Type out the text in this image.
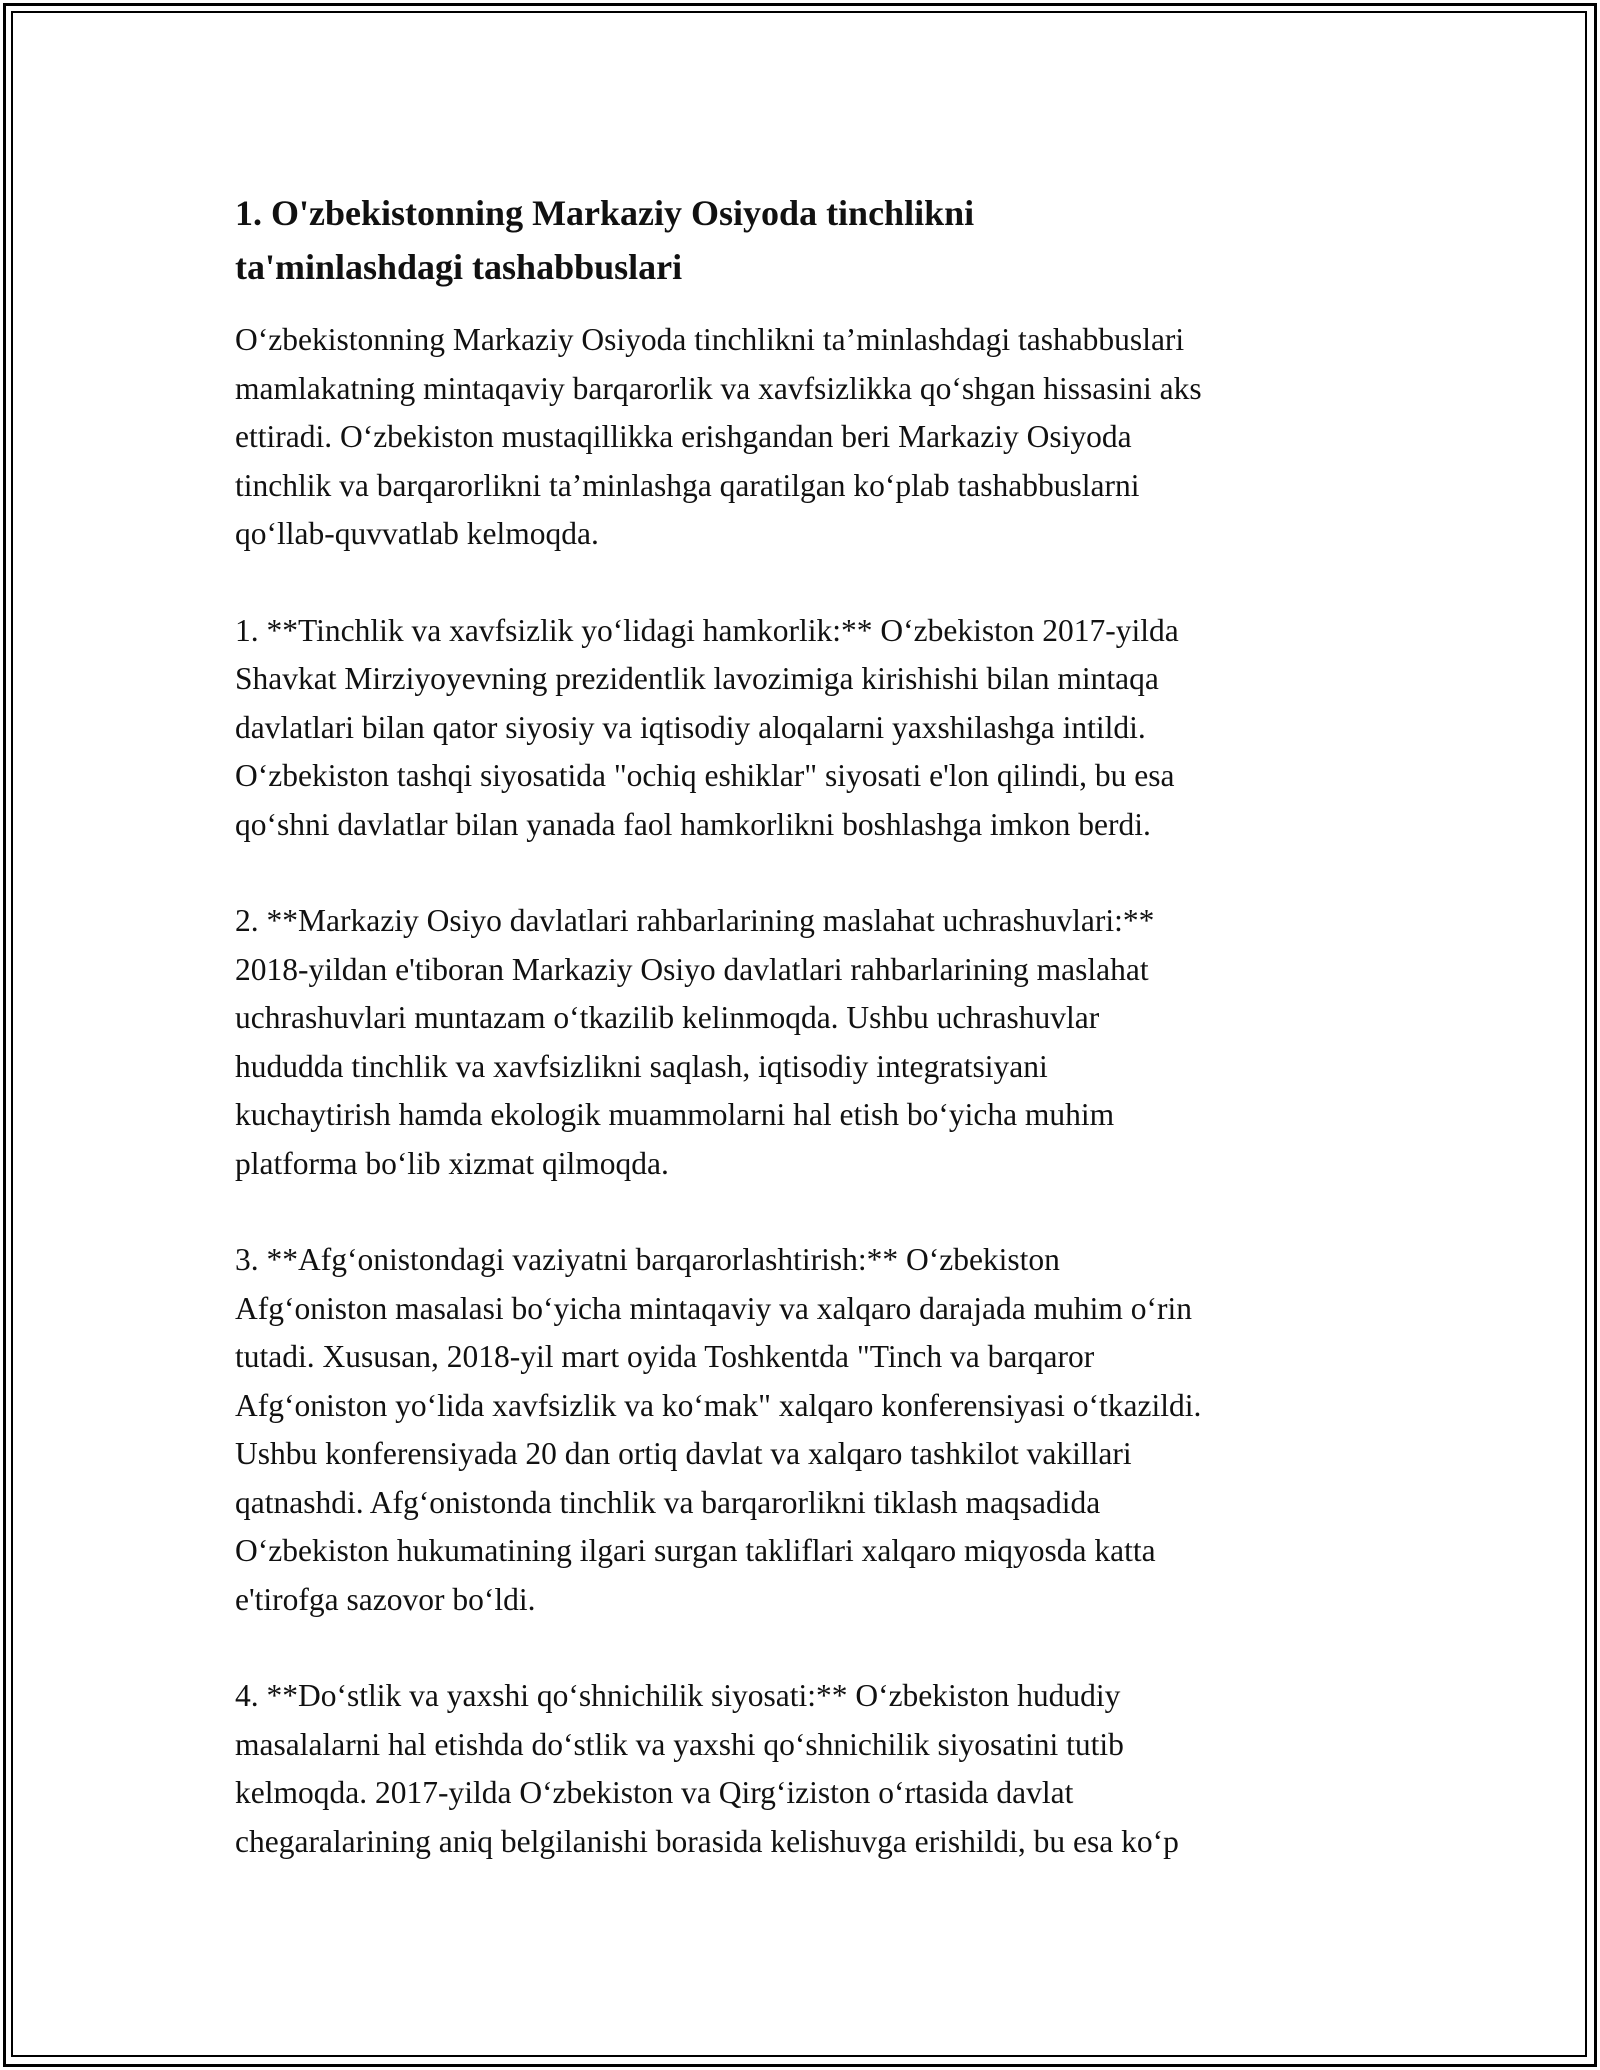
1. O'zbekistonning Markaziy Osiyoda tinchlikni
ta'minlashdagi tashabbuslari

O‘zbekistonning Markaziy Osiyoda tinchlikni ta’minlashdagi tashabbuslari
mamlakatning mintaqaviy barqarorlik va xavfsizlikka qo‘shgan hissasini aks
ettiradi. O‘zbekiston mustaqillikka erishgandan beri Markaziy Osiyoda
tinchlik va barqarorlikni ta’minlashga qaratilgan ko‘plab tashabbuslarni
qo‘llab-quvvatlab kelmoqda.

1. **Tinchlik va xavfsizlik yo‘lidagi hamkorlik:** O‘zbekiston 2017-yilda
Shavkat Mirziyoyevning prezidentlik lavozimiga kirishishi bilan mintaqa
davlatlari bilan qator siyosiy va iqtisodiy aloqalarni yaxshilashga intildi.
O‘zbekiston tashqi siyosatida "ochiq eshiklar" siyosati e'lon qilindi, bu esa
qo‘shni davlatlar bilan yanada faol hamkorlikni boshlashga imkon berdi.

2. **Markaziy Osiyo davlatlari rahbarlarining maslahat uchrashuvlari:**
2018-yildan e'tiboran Markaziy Osiyo davlatlari rahbarlarining maslahat
uchrashuvlari muntazam o‘tkazilib kelinmoqda. Ushbu uchrashuvlar
hududda tinchlik va xavfsizlikni saqlash, iqtisodiy integratsiyani
kuchaytirish hamda ekologik muammolarni hal etish bo‘yicha muhim
platforma bo‘lib xizmat qilmoqda.

3. **Afg‘onistondagi vaziyatni barqarorlashtirish:** O‘zbekiston
Afg‘oniston masalasi bo‘yicha mintaqaviy va xalqaro darajada muhim o‘rin
tutadi. Xususan, 2018-yil mart oyida Toshkentda "Tinch va barqaror
Afg‘oniston yo‘lida xavfsizlik va ko‘mak" xalqaro konferensiyasi o‘tkazildi.
Ushbu konferensiyada 20 dan ortiq davlat va xalqaro tashkilot vakillari
qatnashdi. Afg‘onistonda tinchlik va barqarorlikni tiklash maqsadida
O‘zbekiston hukumatining ilgari surgan takliflari xalqaro miqyosda katta
e'tirofga sazovor bo‘ldi.

4. **Do‘stlik va yaxshi qo‘shnichilik siyosati:** O‘zbekiston hududiy
masalalarni hal etishda do‘stlik va yaxshi qo‘shnichilik siyosatini tutib
kelmoqda. 2017-yilda O‘zbekiston va Qirg‘iziston o‘rtasida davlat
chegaralarining aniq belgilanishi borasida kelishuvga erishildi, bu esa ko‘p
